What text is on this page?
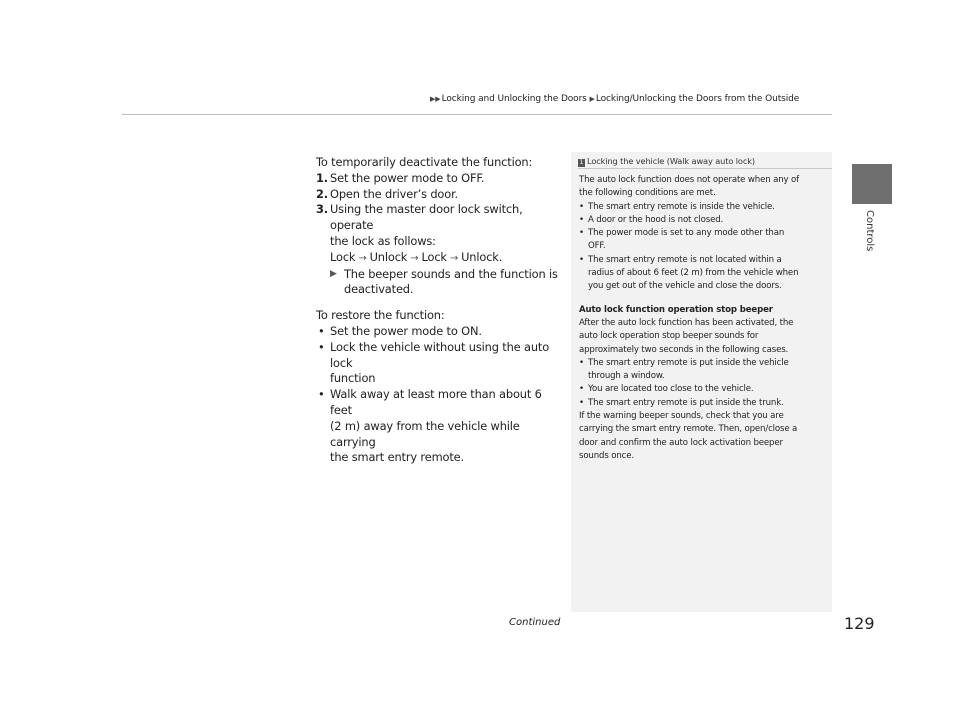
▶▶Locking and Unlocking the Doors ▶Locking/Unlocking the Doors from the Outside
Controls

To temporarily deactivate the function:

1. Set the power mode to OFF.

2. Open the driver’s door.

3. Using the master door lock switch, operate

the lock as follows:

Lock → Unlock → Lock → Unlock.

▶ The beeper sounds and the function is

deactivated.

To restore the function:

• Set the power mode to ON.

• Lock the vehicle without using the auto lock

function

• Walk away at least more than about 6 feet

(2 m) away from the vehicle while carrying

the smart entry remote.

1 Locking the vehicle (Walk away auto lock)

The auto lock function does not operate when any of

the following conditions are met.

• The smart entry remote is inside the vehicle.

• A door or the hood is not closed.

• The power mode is set to any mode other than

OFF.

• The smart entry remote is not located within a

radius of about 6 feet (2 m) from the vehicle when

you get out of the vehicle and close the doors.

Auto lock function operation stop beeper

After the auto lock function has been activated, the

auto lock operation stop beeper sounds for

approximately two seconds in the following cases.

• The smart entry remote is put inside the vehicle

through a window.

• You are located too close to the vehicle.

• The smart entry remote is put inside the trunk.

If the warning beeper sounds, check that you are

carrying the smart entry remote. Then, open/close a

door and confirm the auto lock activation beeper

sounds once.

Continued	129
